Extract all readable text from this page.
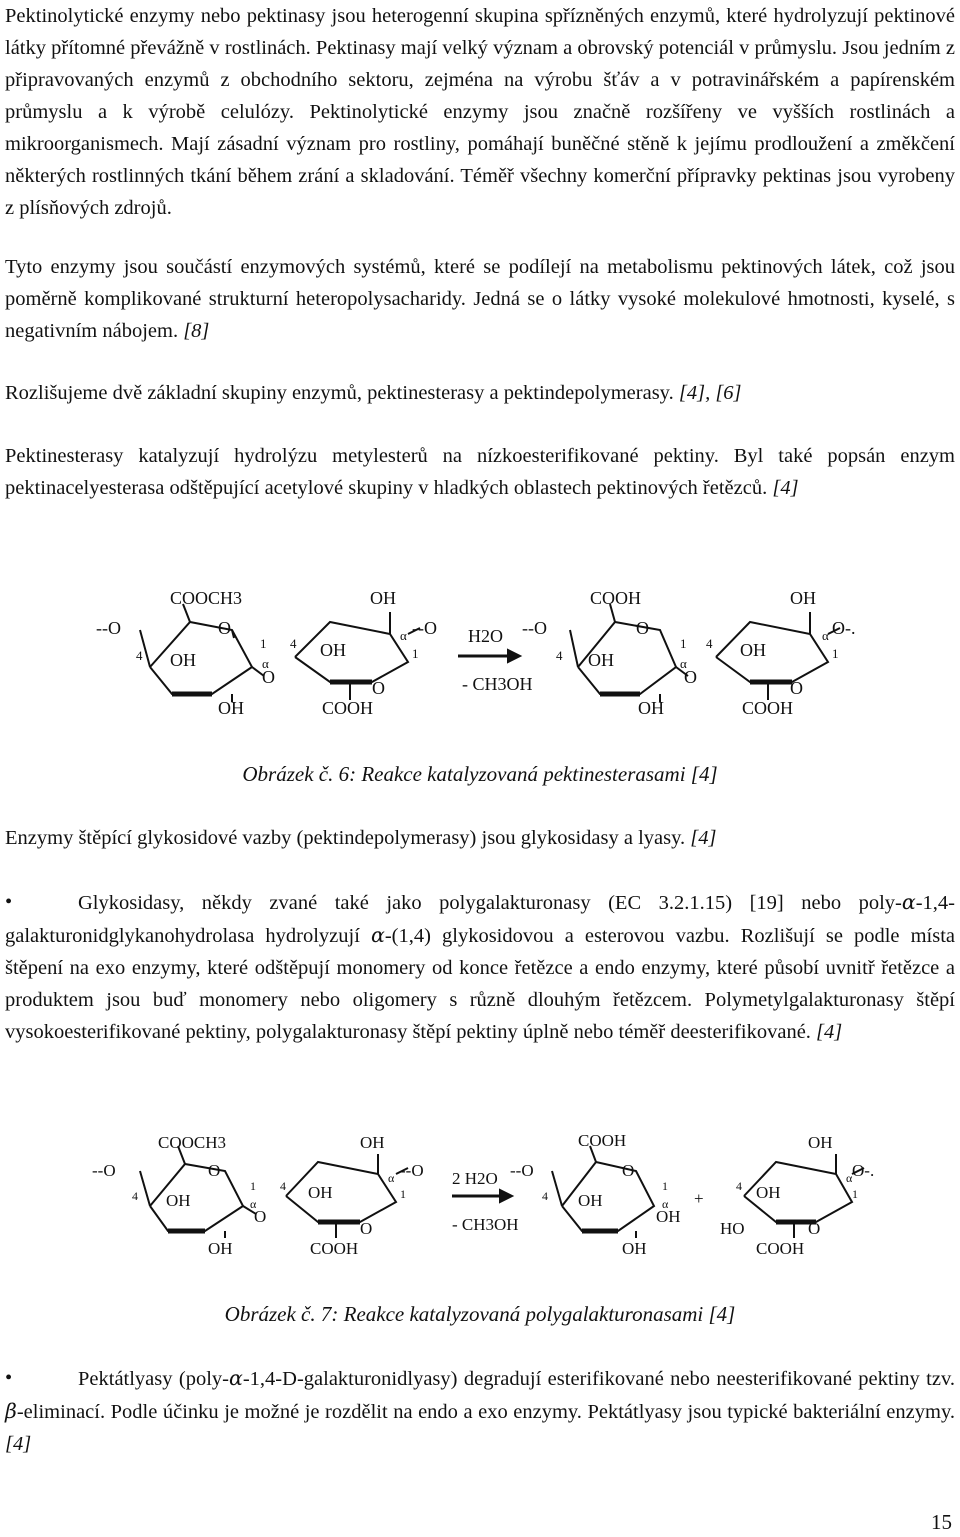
Pektinolytické enzymy nebo pektinasy jsou heterogenní skupina spřízněných enzymů, které hydrolyzují pektinové látky přítomné převážně v rostlinách. Pektinasy mají velký význam a obrovský potenciál v průmyslu. Jsou jedním z připravovaných enzymů z obchodního sektoru, zejména na výrobu šťáv a v potravinářském a papírenském průmyslu a k výrobě celulózy. Pektinolytické enzymy jsou značně rozšířeny ve vyšších rostlinách a mikroorganismech. Mají zásadní význam pro rostliny, pomáhají buněčné stěně k jejímu prodloužení a změkčení některých rostlinných tkání během zrání a skladování. Téměř všechny komerční přípravky pektinas jsou vyrobeny z plísňových zdrojů.

Tyto enzymy jsou součástí enzymových systémů, které se podílejí na metabolismu pektinových látek, což jsou poměrně komplikované strukturní heteropolysacharidy. Jedná se o látky vysoké molekulové hmotnosti, kyselé, s negativním nábojem. [8]

Rozlišujeme dvě základní skupiny enzymů, pektinesterasy a pektindepolymerasy. [4], [6]

Pektinesterasy katalyzují hydrolýzu metylesterů na nízkoesterifikované pektiny. Byl také popsán enzym pektinacelyesterasa odštěpující acetylové skupiny v hladkých oblastech pektinových řetězců. [4]

COOCH3	OH
--O	O	--O
OH	OH
O
O
OH	COOH
H2O
- CH3OH
COOH	OH
--O	O	O-.
OH	OH
O
O
OH	COOH
4
1
α
4
α
1	4
1
α
4
α
1

Obrázek č. 6: Reakce katalyzovaná pektinesterasami [4]

Enzymy štěpící glykosidové vazby (pektindepolymerasy) jsou glykosidasy a lyasy. [4]

•	Glykosidasy, někdy zvané také jako polygalakturonasy (EC 3.2.1.15) [19] nebo poly-α-1,4-galakturonidglykanohydrolasa hydrolyzují α-(1,4) glykosidovou a esterovou vazbu. Rozlišují se podle místa štěpení na exo enzymy, které odštěpují monomery od konce řetězce a endo enzymy, které působí uvnitř řetězce a produktem jsou buď monomery nebo oligomery s různě dlouhým řetězcem. Polymetylgalakturonasy štěpí vysokoesterifikované pektiny, polygalakturonasy štěpí pektiny úplně nebo téměř deesterifikované. [4]

COOCH3	OH
--O	O	--O
OH	OH
O
O
OH	COOH
2 H2O
- CH3OH
COOH	OH
--O	O	O-.
OH
OH
+	OH
HO	O
OH	COOH
4
1
α
4
α
1	4
1
α
4
α
1

Obrázek č. 7: Reakce katalyzovaná polygalakturonasami [4]

•	Pektátlyasy (poly-α-1,4-D-galakturonidlyasy) degradují esterifikované nebo neesterifikované pektiny tzv. β-eliminací. Podle účinku je možné je rozdělit na endo a exo enzymy. Pektátlyasy jsou typické bakteriální enzymy. [4]

15
